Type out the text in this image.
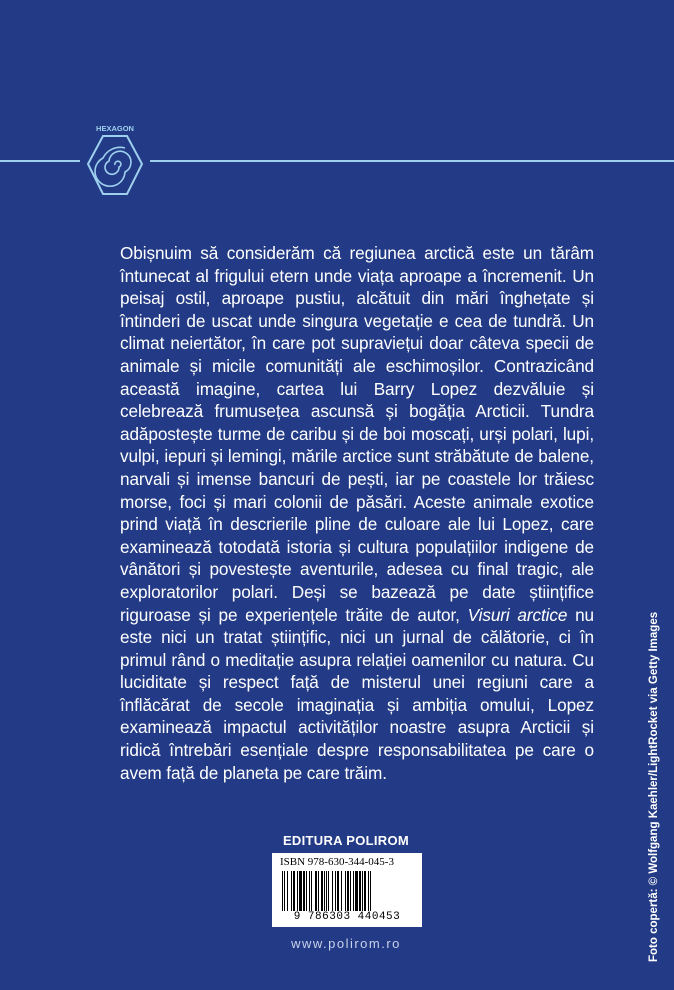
HEXAGON
Obișnuim să considerăm că regiunea arctică este un tărâm întunecat al frigului etern unde viața aproape a încremenit. Un peisaj ostil, aproape pustiu, alcătuit din mări înghețate și întinderi de uscat unde singura vegetație e cea de tundră. Un climat neiertător, în care pot supraviețui doar câteva specii de animale și micile comunități ale eschimoșilor. Contrazicând această imagine, cartea lui Barry Lopez dezvăluie și celebrează frumusețea ascunsă și bogăția Arcticii. Tundra adăpostește turme de caribu și de boi moscați, urși polari, lupi, vulpi, iepuri și lemingi, mările arctice sunt străbătute de balene, narvali și imense bancuri de pești, iar pe coastele lor trăiesc morse, foci și mari colonii de păsări. Aceste animale exotice prind viață în descrierile pline de culoare ale lui Lopez, care examinează totodată istoria și cultura populațiilor indigene de vânători și povestește aventurile, adesea cu final tragic, ale exploratorilor polari. Deși se bazează pe date științifice riguroase și pe experiențele trăite de autor, Visuri arctice nu este nici un tratat științific, nici un jurnal de călătorie, ci în primul rând o meditație asupra relației oamenilor cu natura. Cu luciditate și respect față de misterul unei regiuni care a înflăcărat de secole imaginația și ambiția omului, Lopez examinează impactul activităților noastre asupra Arcticii și ridică întrebări esențiale despre responsabilitatea pe care o avem față de planeta pe care trăim.
EDITURA POLIROM
ISBN 978-630-344-045-3
9 786303 440453
www.polirom.ro	Foto copertă: © Wolfgang Kaehler/LightRocket via Getty Images
